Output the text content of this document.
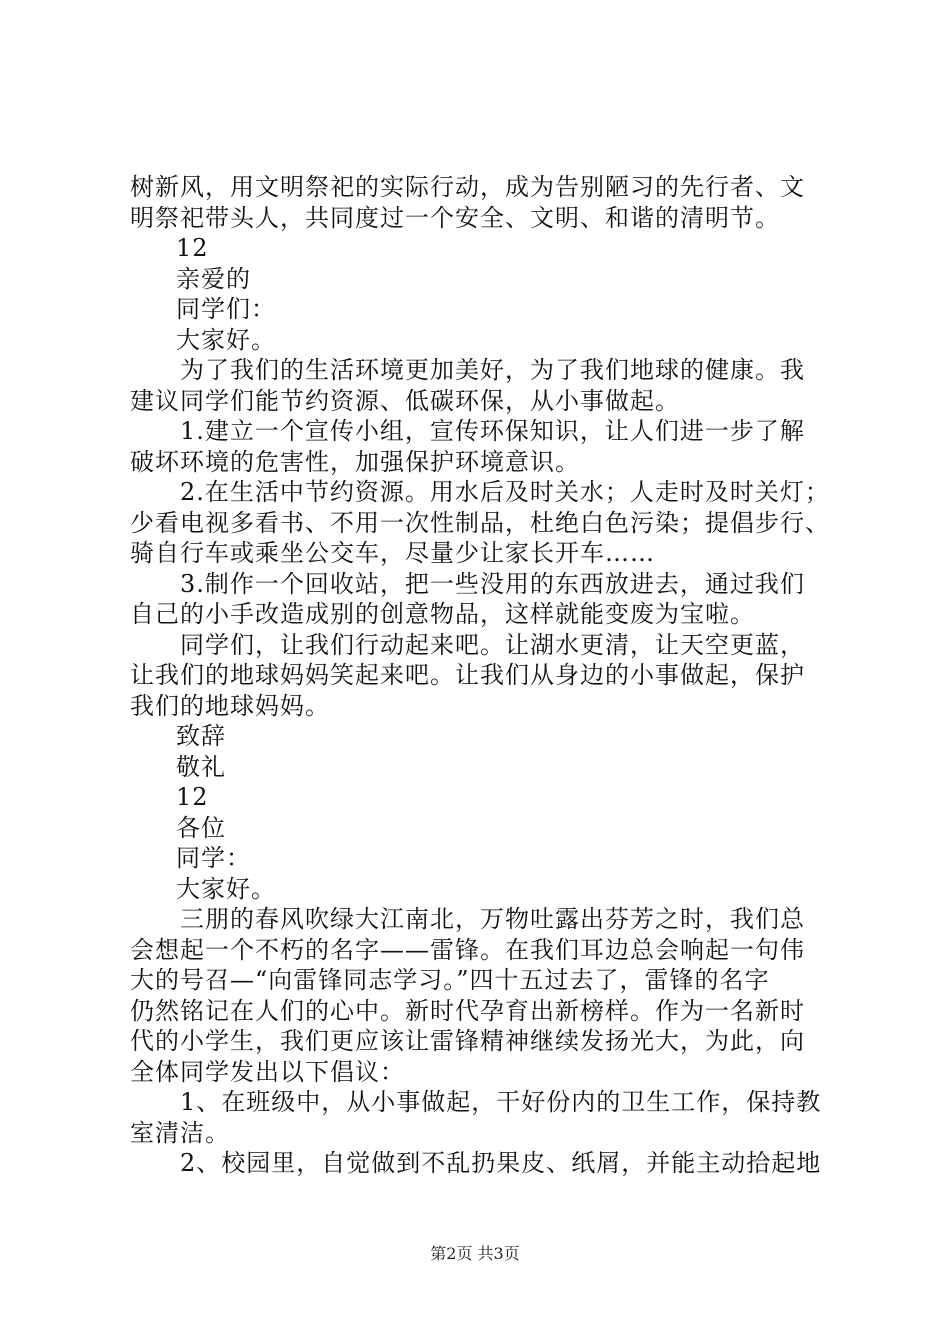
树新风，用文明祭祀的实际行动，成为告别陋习的先行者、文
明祭祀带头人，共同度过一个安全、文明、和谐的清明节。
12
亲爱的
同学们：
大家好。
为了我们的生活环境更加美好，为了我们地球的健康。我
建议同学们能节约资源、低碳环保，从小事做起。
1.建立一个宣传小组，宣传环保知识，让人们进一步了解
破坏环境的危害性，加强保护环境意识。
2.在生活中节约资源。用水后及时关水；人走时及时关灯；
少看电视多看书、不用一次性制品，杜绝白色污染；提倡步行、
骑自行车或乘坐公交车，尽量少让家长开车……
3.制作一个回收站，把一些没用的东西放进去，通过我们
自己的小手改造成别的创意物品，这样就能变废为宝啦。
同学们，让我们行动起来吧。让湖水更清，让天空更蓝，
让我们的地球妈妈笑起来吧。让我们从身边的小事做起，保护
我们的地球妈妈。
致辞
敬礼
12
各位
同学：
大家好。
三朋的春风吹绿大江南北，万物吐露出芬芳之时，我们总
会想起一个不朽的名字——雷锋。在我们耳边总会响起一句伟
大的号召—“向雷锋同志学习。”四十五过去了，雷锋的名字
仍然铭记在人们的心中。新时代孕育出新榜样。作为一名新时
代的小学生，我们更应该让雷锋精神继续发扬光大，为此，向
全体同学发出以下倡议：
1、在班级中，从小事做起，干好份内的卫生工作，保持教
室清洁。
2、校园里，自觉做到不乱扔果皮、纸屑，并能主动拾起地
第2页 共3页
